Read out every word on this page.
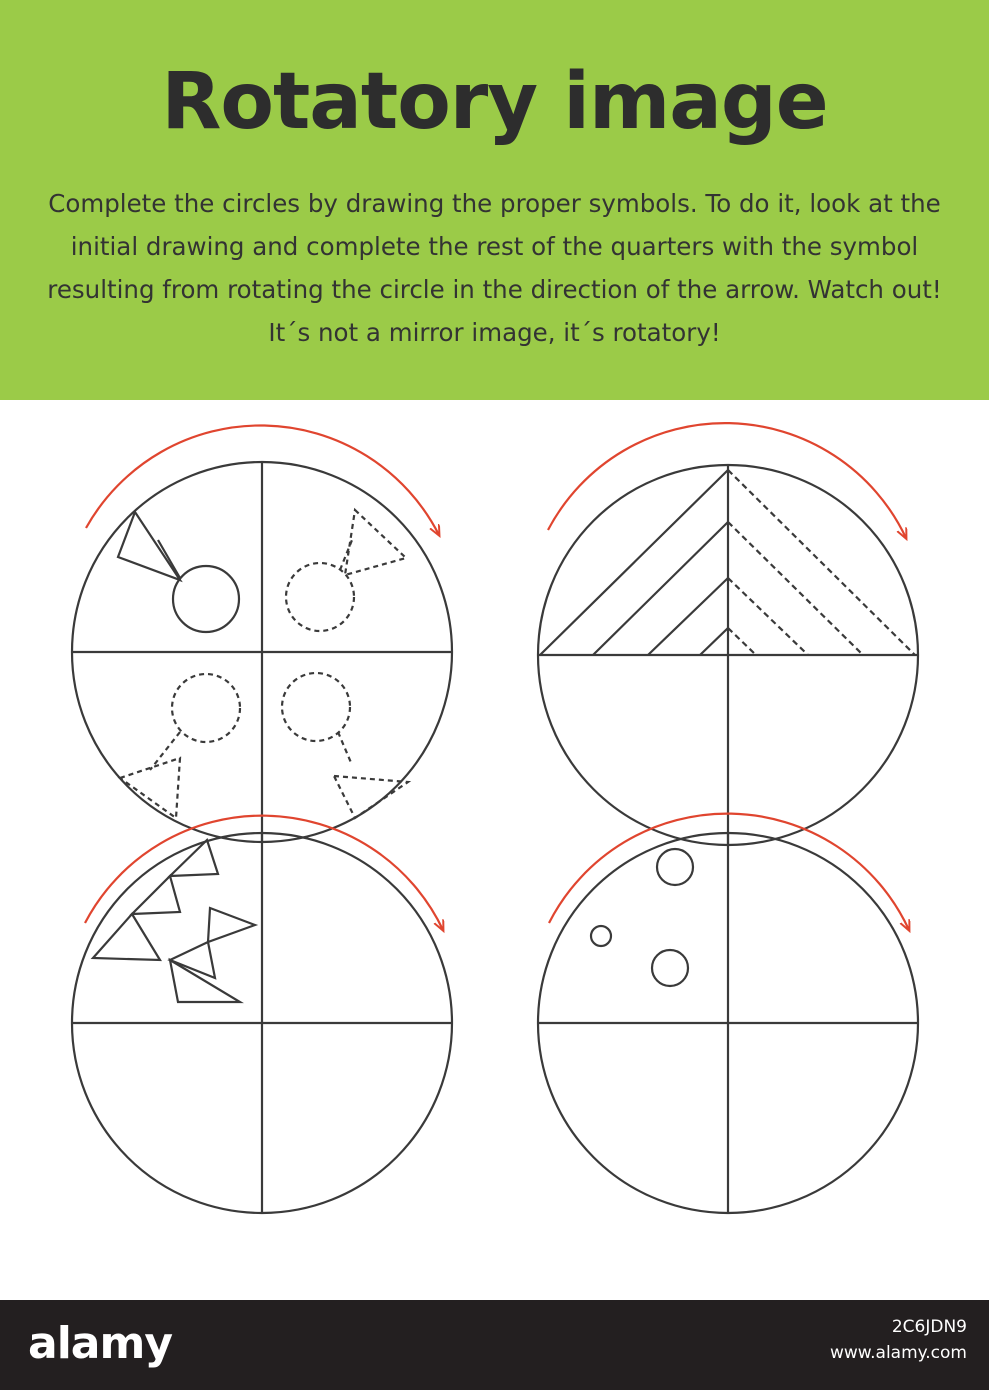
Rotatory image
Complete the circles by drawing the proper symbols. To do it, look at the initial drawing and complete the rest of the quarters with the symbol resulting from rotating the circle in the direction of the arrow. Watch out! It´s not a mirror image, it´s rotatory!
alamy	2C6JDN9
www.alamy.com
